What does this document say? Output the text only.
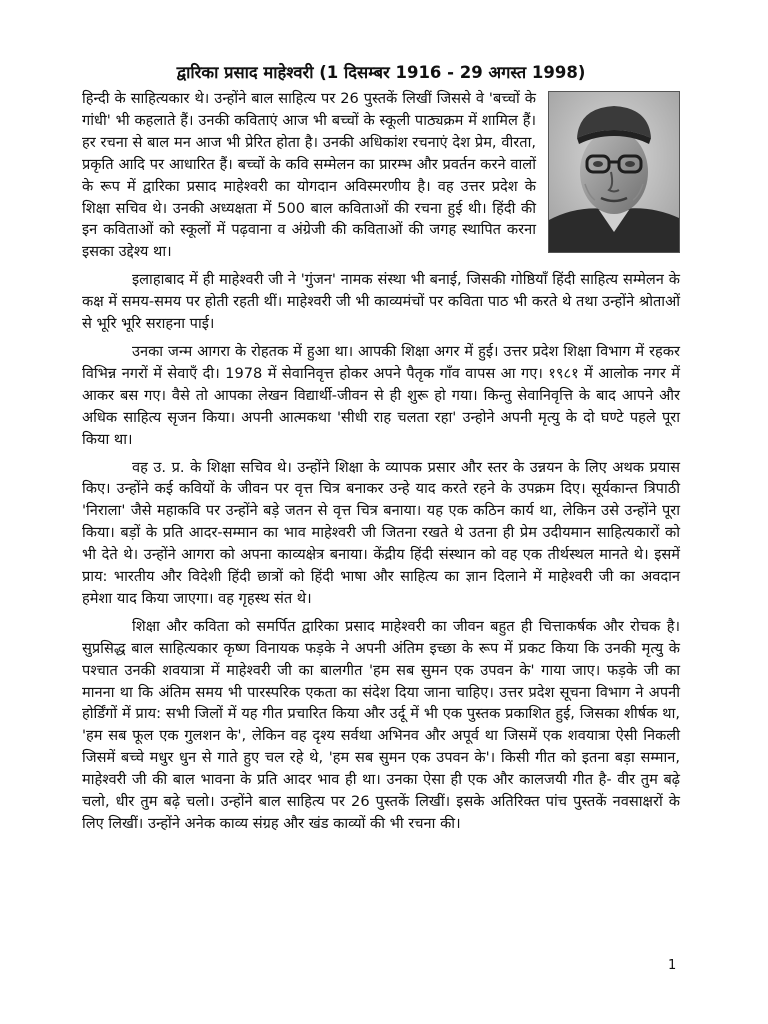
द्वारिका प्रसाद माहेश्वरी (1 दिसम्बर 1916 - 29 अगस्त 1998)

हिन्दी के साहित्यकार थे। उन्होंने बाल साहित्य पर 26 पुस्तकें लिखीं जिससे वे 'बच्चों के गांधी' भी कहलाते हैं। उनकी कविताएं आज भी बच्चों के स्कूली पाठ्यक्रम में शामिल हैं। हर रचना से बाल मन आज भी प्रेरित होता है। उनकी अधिकांश रचनाएं देश प्रेम, वीरता, प्रकृति आदि पर आधारित हैं। बच्चों के कवि सम्मेलन का प्रारम्भ और प्रवर्तन करने वालों के रूप में द्वारिका प्रसाद माहेश्वरी का योगदान अविस्मरणीय है। वह उत्तर प्रदेश के शिक्षा सचिव थे। उनकी अध्यक्षता में 500 बाल कविताओं की रचना हुई थी। हिंदी की इन कविताओं को स्कूलों में पढ़वाना व अंग्रेजी की कविताओं की जगह स्थापित करना इसका उद्देश्य था।

इलाहाबाद में ही माहेश्वरी जी ने 'गुंजन' नामक संस्था भी बनाई, जिसकी गोष्ठियाँ हिंदी साहित्य सम्मेलन के कक्ष में समय-समय पर होती रहती थीं। माहेश्वरी जी भी काव्यमंचों पर कविता पाठ भी करते थे तथा उन्होंने श्रोताओं से भूरि भूरि सराहना पाई।

उनका जन्म आगरा के रोहतक में हुआ था। आपकी शिक्षा अगर में हुई। उत्तर प्रदेश शिक्षा विभाग में रहकर विभिन्न नगरों में सेवाएँ दी। 1978 में सेवानिवृत्त होकर अपने पैतृक गाँव वापस आ गए। १९८१ में आलोक नगर में आकर बस गए। वैसे तो आपका लेखन विद्यार्थी-जीवन से ही शुरू हो गया। किन्तु सेवानिवृत्ति के बाद आपने और अधिक साहित्य सृजन किया। अपनी आत्मकथा 'सीधी राह चलता रहा' उन्होने अपनी मृत्यु के दो घण्टे पहले पूरा किया था।

वह उ. प्र. के शिक्षा सचिव थे। उन्होंने शिक्षा के व्यापक प्रसार और स्तर के उन्नयन के लिए अथक प्रयास किए। उन्होंने कई कवियों के जीवन पर वृत्त चित्र बनाकर उन्हे याद करते रहने के उपक्रम दिए। सूर्यकान्त त्रिपाठी 'निराला' जैसे महाकवि पर उन्होंने बड़े जतन से वृत्त चित्र बनाया। यह एक कठिन कार्य था, लेकिन उसे उन्होंने पूरा किया। बड़ों के प्रति आदर-सम्मान का भाव माहेश्वरी जी जितना रखते थे उतना ही प्रेम उदीयमान साहित्यकारों को भी देते थे। उन्होंने आगरा को अपना काव्यक्षेत्र बनाया। केंद्रीय हिंदी संस्थान को वह एक तीर्थस्थल मानते थे। इसमें प्राय: भारतीय और विदेशी हिंदी छात्रों को हिंदी भाषा और साहित्य का ज्ञान दिलाने में माहेश्वरी जी का अवदान हमेशा याद किया जाएगा। वह गृहस्थ संत थे।

शिक्षा और कविता को समर्पित द्वारिका प्रसाद माहेश्वरी का जीवन बहुत ही चित्ताकर्षक और रोचक है। सुप्रसिद्ध बाल साहित्यकार कृष्ण विनायक फड़के ने अपनी अंतिम इच्छा के रूप में प्रकट किया कि उनकी मृत्यु के पश्चात उनकी शवयात्रा में माहेश्वरी जी का बालगीत 'हम सब सुमन एक उपवन के' गाया जाए। फड़के जी का मानना था कि अंतिम समय भी पारस्परिक एकता का संदेश दिया जाना चाहिए। उत्तर प्रदेश सूचना विभाग ने अपनी होर्डिंगों में प्राय: सभी जिलों में यह गीत प्रचारित किया और उर्दू में भी एक पुस्तक प्रकाशित हुई, जिसका शीर्षक था, 'हम सब फूल एक गुलशन के', लेकिन वह दृश्य सर्वथा अभिनव और अपूर्व था जिसमें एक शवयात्रा ऐसी निकली जिसमें बच्चे मधुर धुन से गाते हुए चल रहे थे, 'हम सब सुमन एक उपवन के'। किसी गीत को इतना बड़ा सम्मान, माहेश्वरी जी की बाल भावना के प्रति आदर भाव ही था। उनका ऐसा ही एक और कालजयी गीत है- वीर तुम बढ़े चलो, धीर तुम बढ़े चलो। उन्होंने बाल साहित्य पर 26 पुस्तकें लिखीं। इसके अतिरिक्त पांच पुस्तकें नवसाक्षरों के लिए लिखीं। उन्होंने अनेक काव्य संग्रह और खंड काव्यों की भी रचना की।

1
